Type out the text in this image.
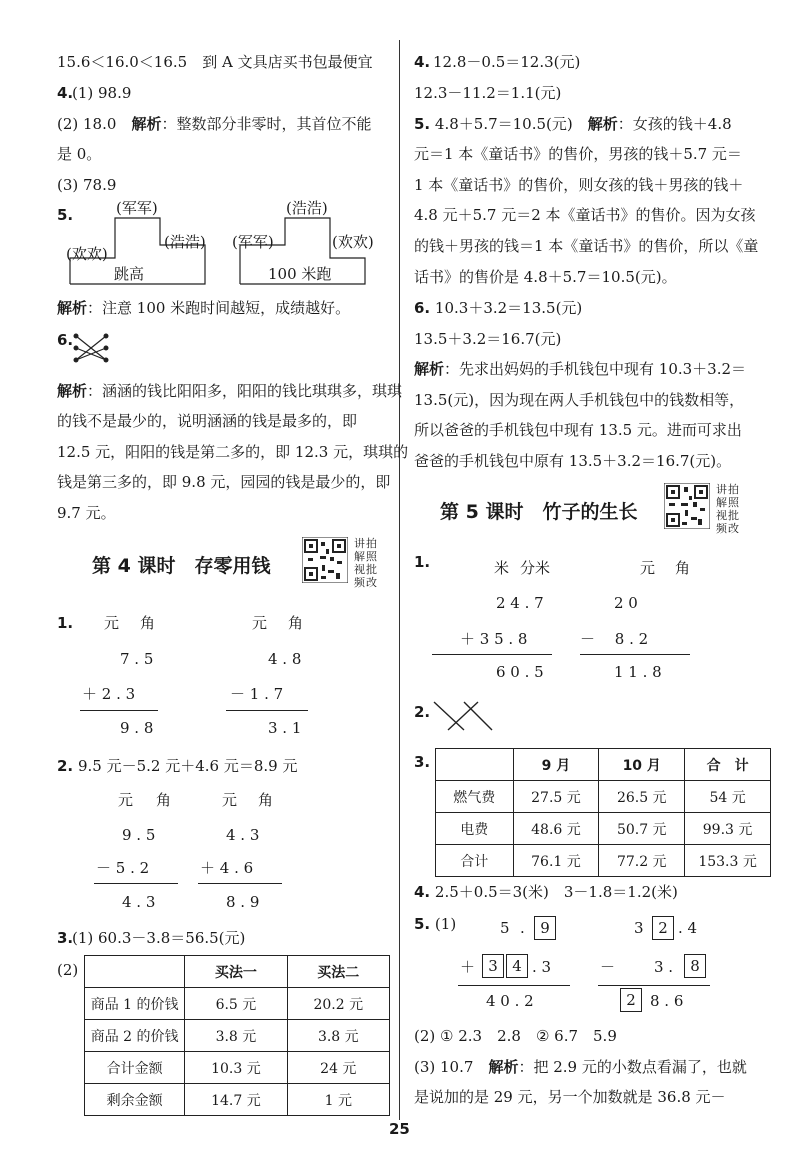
15.6＜16.0＜16.5　到 A 文具店买书包最便宜
4.
(1) 98.9
(2) 18.0　 解析：整数部分非零时，其首位不能
是 0。
(3) 78.9
5.	(军军)
(欢欢)
(浩浩)
跳高
(浩浩)
(军军)	(欢欢)
100 米跑
解析：注意 100 米跑时间越短，成绩越好。
6.
解析：涵涵的钱比阳阳多，阳阳的钱比琪琪多，琪琪
的钱不是最少的，说明涵涵的钱是最多的，即
12.5 元，阳阳的钱是第二多的，即 12.3 元，琪琪的
钱是第三多的，即 9.8 元，园园的钱是最少的，即
9.7 元。
第 4 课时　存零用钱
讲拍解照视批频改
1. 元 角
7 . 5
＋ 2 . 3
9 . 8
元 角
4 . 8
－ 1 . 7
3 . 1
2. 9.5 元－5.2 元＋4.6 元＝8.9 元
元 角
9 . 5
－ 5 . 2
4 . 3
元 角
4 . 3
＋ 4 . 6
8 . 9
3.
(1) 60.3－3.8＝56.5(元)
(2)
		买法一	买法二
商品 1 的价钱	6.5 元	20.2 元
商品 2 的价钱	3.8 元	3.8 元
合计金额	10.3 元	24 元
剩余金额	14.7 元	1 元
4. 12.8－0.5＝12.3(元)
12.3－11.2＝1.1(元)
5. 4.8＋5.7＝10.5(元)　 解析：女孩的钱＋4.8
元＝1 本《童话书》的售价，男孩的钱＋5.7 元＝
1 本《童话书》的售价，则女孩的钱＋男孩的钱＋
4.8 元＋5.7 元＝2 本《童话书》的售价。因为女孩
的钱＋男孩的钱＝1 本《童话书》的售价，所以《童
话书》的售价是 4.8＋5.7＝10.5(元)。
6. 10.3＋3.2＝13.5(元)
13.5＋3.2＝16.7(元)
解析：先求出妈妈的手机钱包中现有 10.3＋3.2＝
13.5(元)，因为现在两人手机钱包中的钱数相等，
所以爸爸的手机钱包中现有 13.5 元。进而可求出
爸爸的手机钱包中原有 13.5＋3.2＝16.7(元)。
第 5 课时　竹子的生长
讲拍解照视批频改
1.	米 分米
2 4 . 7
＋ 3 5 . 8
6 0 . 5
元 角
2 0
－ 　8 . 2
1 1 . 8
2.
3.
		9 月	10 月	合　计
燃气费	27.5 元	26.5 元	54 元
电费	48.6 元	50.7 元	99.3 元
合计	76.1 元	77.2 元	153.3 元
4. 2.5＋0.5＝3(米)　3－1.8＝1.2(米)
5. (1)	5 .	9
＋ 3 4 . 3
4 0 . 2
3 2 . 4
－	3 .	8
2 8 . 6
(2) ① 2.3　2.8　② 6.7　5.9
(3) 10.7　 解析：把 2.9 元的小数点看漏了，也就
是说加的是 29 元，另一个加数就是 36.8 元－
25
